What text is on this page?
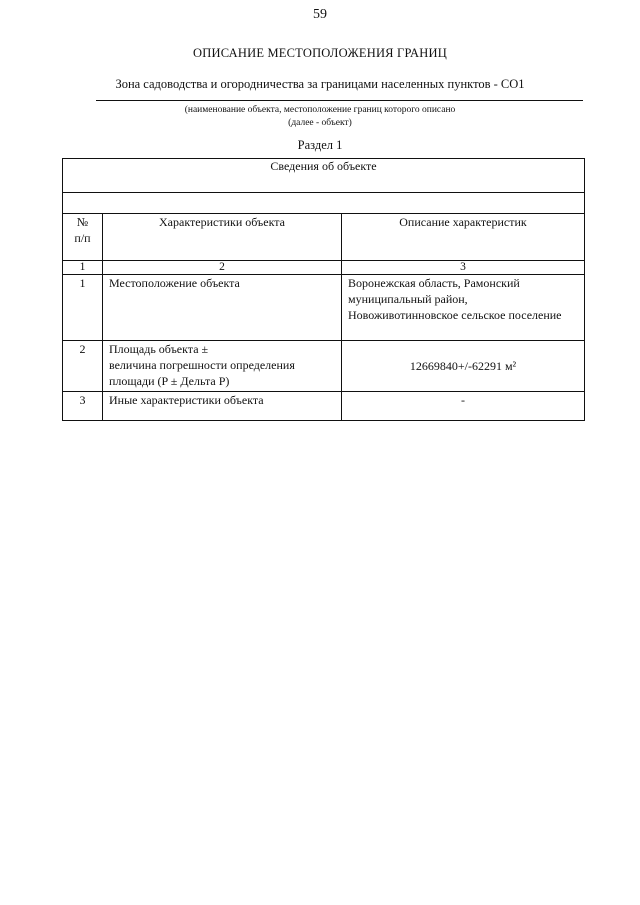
59
ОПИСАНИЕ МЕСТОПОЛОЖЕНИЯ ГРАНИЦ
Зона садоводства и огородничества за границами населенных пунктов - СО1
(наименование объекта, местоположение границ которого описано
(далее - объект)
Раздел 1
Сведения об объекте		

№
п/п	Характеристики объекта	Описание характеристик
1	2	3
1	Местоположение объекта	Воронежская область, Рамонский
муниципальный район,
Новоживотинновское сельское поселение

2	Площадь объекта ±
величина погрешности определения
площади (P ± Дельта P)	12669840+/-62291 м²

3	Иные характеристики объекта	-
